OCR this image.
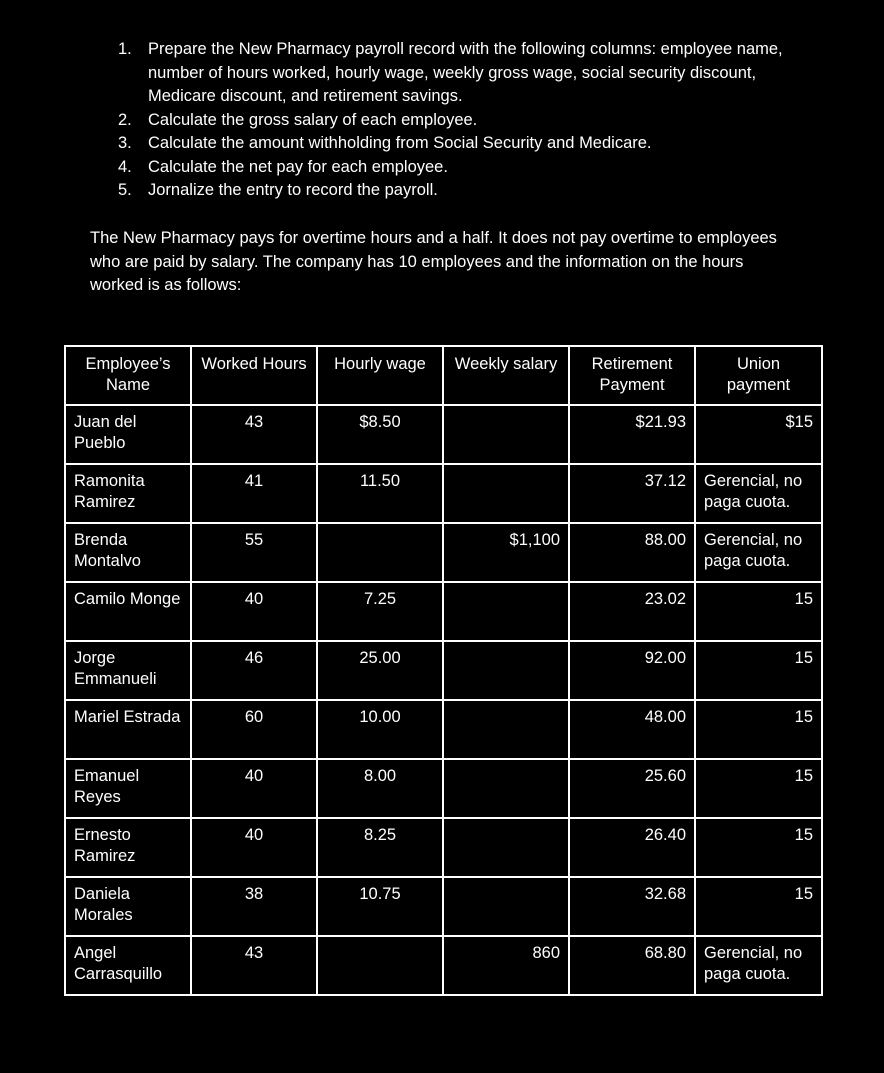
1. Prepare the New Pharmacy payroll record with the following columns: employee name, number of hours worked, hourly wage, weekly gross wage, social security discount, Medicare discount, and retirement savings.
2. Calculate the gross salary of each employee.
3. Calculate the amount withholding from Social Security and Medicare.
4. Calculate the net pay for each employee.
5. Jornalize the entry to record the payroll.

The New Pharmacy pays for overtime hours and a half. It does not pay overtime to employees who are paid by salary. The company has 10 employees and the information on the hours worked is as follows:

Employee’s Name	Worked Hours	Hourly wage	Weekly salary	Retirement Payment	Union payment
Juan del Pueblo	43	$8.50		$21.93	$15
Ramonita Ramirez	41	11.50		37.12	Gerencial, no paga cuota.
Brenda Montalvo	55		$1,100	88.00	Gerencial, no paga cuota.
Camilo Monge	40	7.25		23.02	15
Jorge Emmanueli	46	25.00		92.00	15
Mariel Estrada	60	10.00		48.00	15
Emanuel Reyes	40	8.00		25.60	15
Ernesto Ramirez	40	8.25		26.40	15
Daniela Morales	38	10.75		32.68	15
Angel Carrasquillo	43		860	68.80	Gerencial, no paga cuota.
